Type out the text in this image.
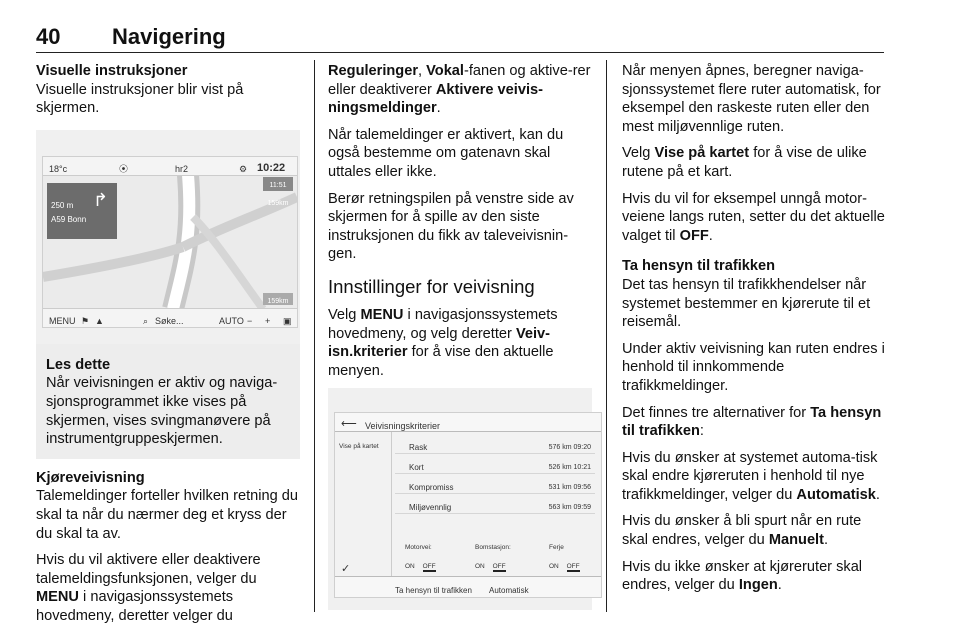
40 Navigering
Visuelle instruksjoner

Visuelle instruksjoner blir vist på skjermen.

18°c	⦿	hr2	⚙ 10:22
250 m
A59 Bonn
↱
11:51
159km
159km
MENU ⚑ ▲	⌕ Søke...	AUTO − + ▣
Les dette

Når veivisningen er aktiv og naviga-sjonsprogrammet ikke vises på skjermen, vises svingmanøvere på instrumentgruppeskjermen.

Kjøreveivisning

Talemeldinger forteller hvilken retning du skal ta når du nærmer deg et kryss der du skal ta av.

Hvis du vil aktivere eller deaktivere talemeldingsfunksjonen, velger du MENU i navigasjonssystemets hovedmeny, deretter velger du

Reguleringer, Vokal-fanen og aktive-rer eller deaktiverer Aktivere veivis-ningsmeldinger.

Når talemeldinger er aktivert, kan du også bestemme om gatenavn skal uttales eller ikke.

Berør retningspilen på venstre side av skjermen for å spille av den siste instruksjonen du fikk av taleveivisnin-gen.

Innstillinger for veivisning

Velg MENU i navigasjonssystemets hovedmeny, og velg deretter Veiv-isn.kriterier for å vise den aktuelle menyen.

⟵ Veivisningskriterier
Vise på kartet
✓
Rask	576 km 09:20
Kort	526 km 10:21
Kompromiss	531 km 09:56
Miljøvennlig	563 km 09:59
Motorvei:
ON OFF
Bomstasjon:
ON OFF
Ferje
ON OFF
Ta hensyn til trafikken Automatisk

Når menyen åpnes, beregner naviga-sjonssystemet flere ruter automatisk, for eksempel den raskeste ruten eller den mest miljøvennlige ruten.

Velg Vise på kartet for å vise de ulike rutene på et kart.

Hvis du vil for eksempel unngå motor-veiene langs ruten, setter du det aktuelle valget til OFF.

Ta hensyn til trafikken

Det tas hensyn til trafikkhendelser når systemet bestemmer en kjørerute til et reisemål.

Under aktiv veivisning kan ruten endres i henhold til innkommende trafikkmeldinger.

Det finnes tre alternativer for Ta hensyn til trafikken:

Hvis du ønsker at systemet automa-tisk skal endre kjøreruten i henhold til nye trafikkmeldinger, velger du Automatisk.

Hvis du ønsker å bli spurt når en rute skal endres, velger du Manuelt.

Hvis du ikke ønsker at kjøreruter skal endres, velger du Ingen.
